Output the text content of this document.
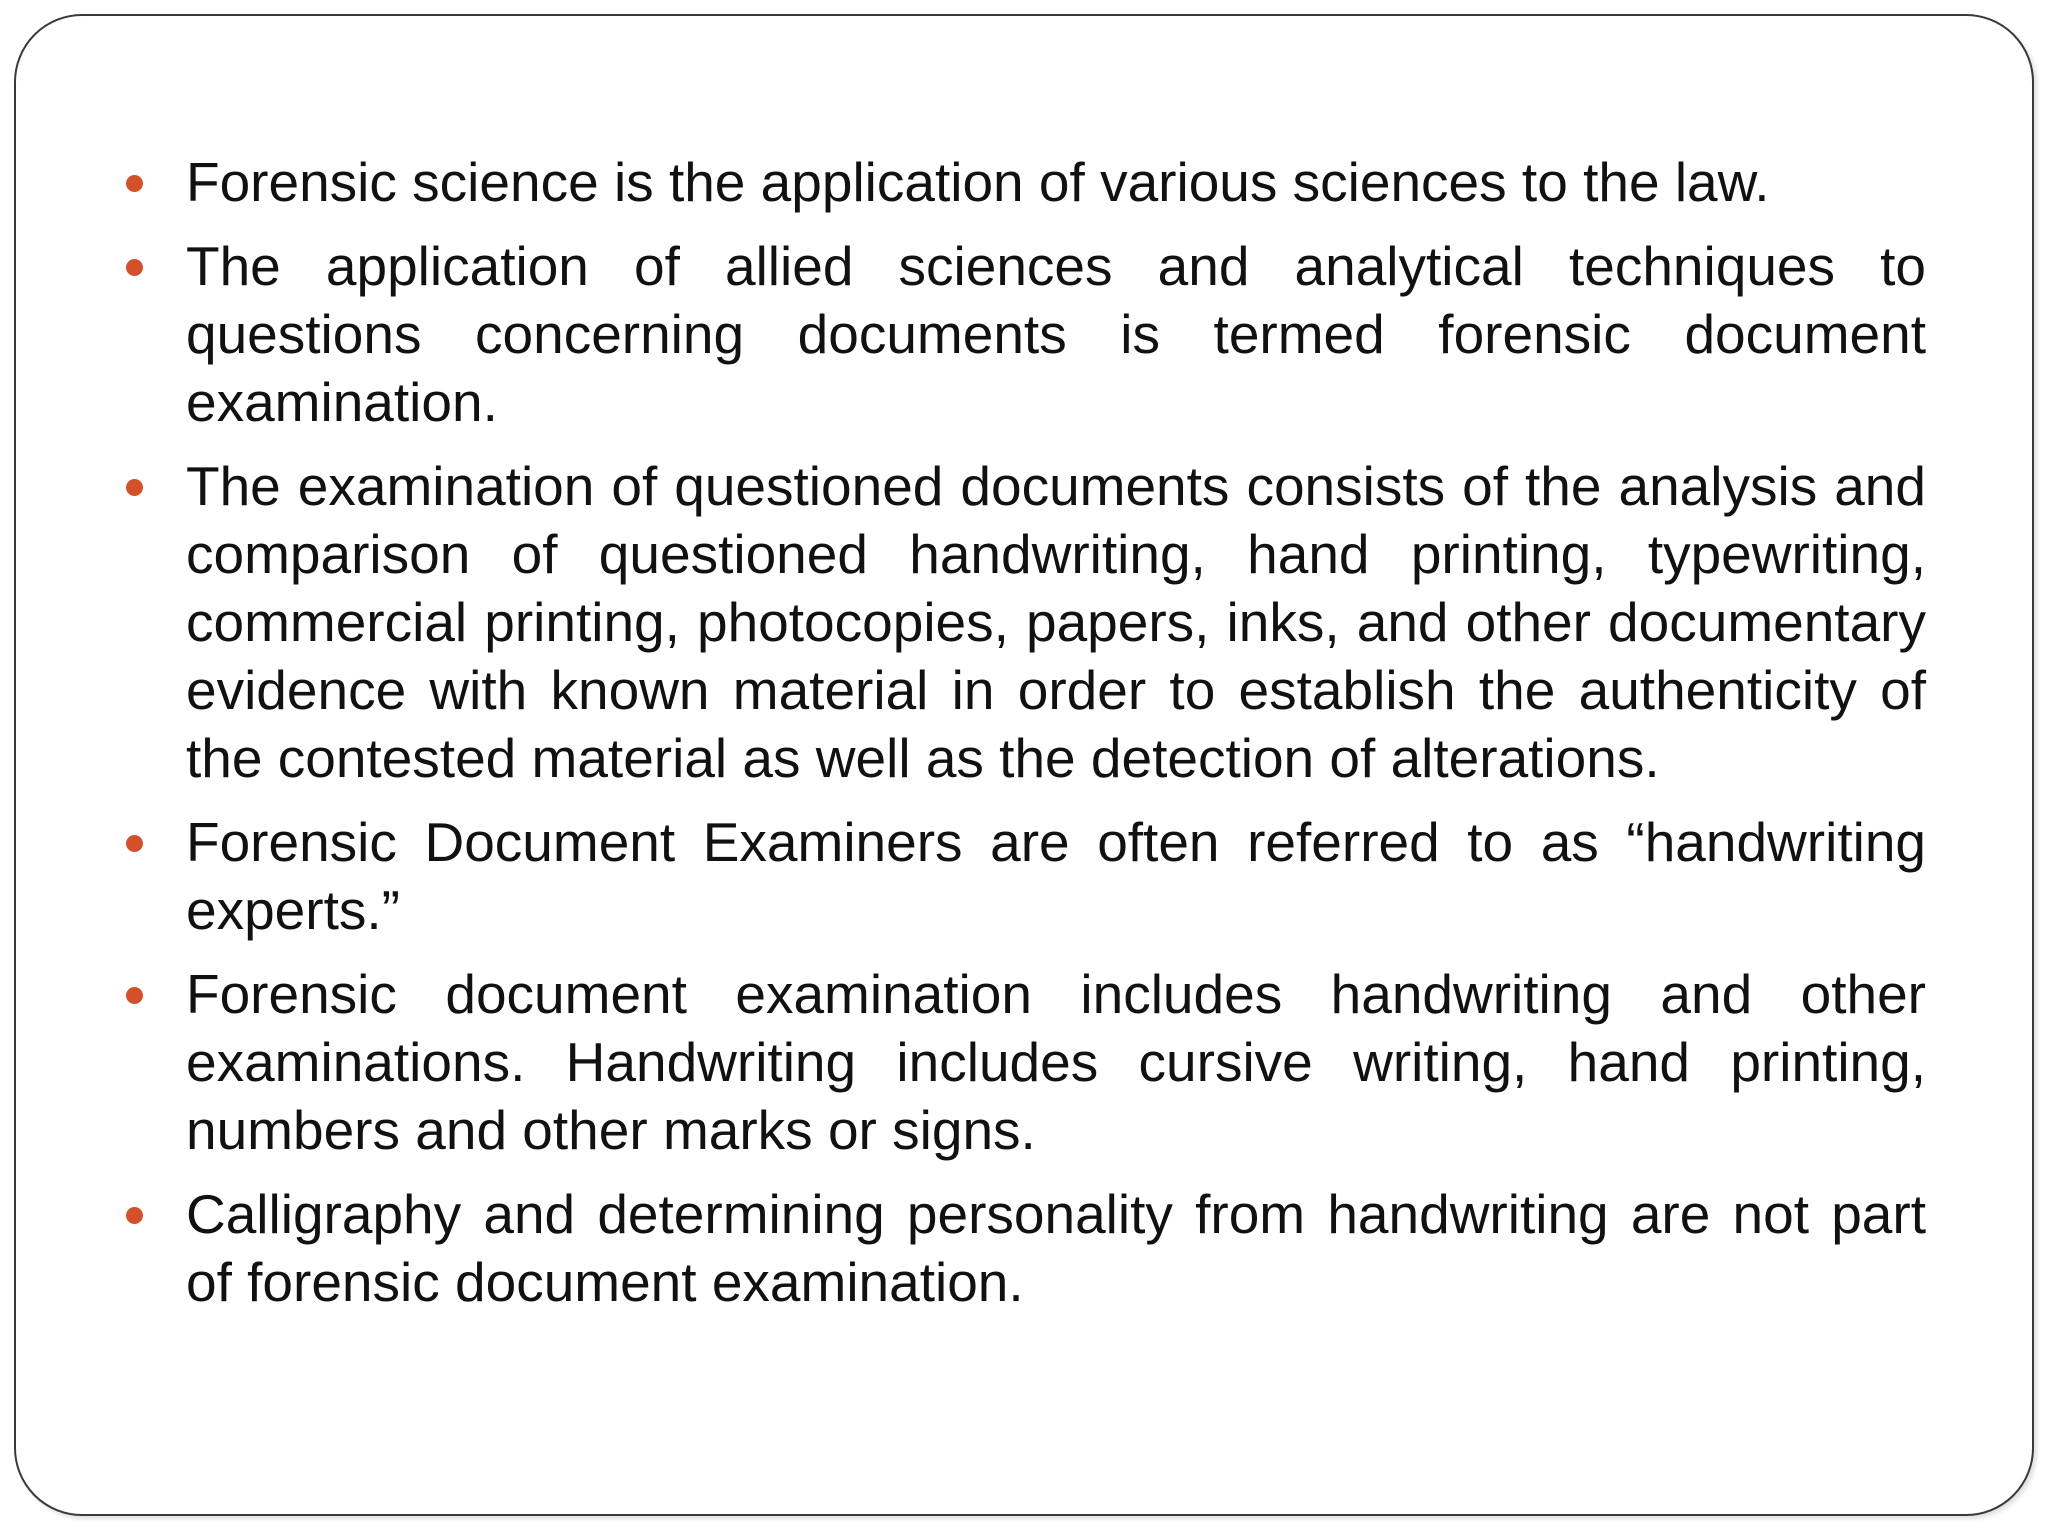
Forensic science is the application of various sciences to the law.
The application of allied sciences and analytical techniques to questions concerning documents is termed forensic document examination.
The examination of questioned documents consists of the analysis and comparison of questioned handwriting, hand printing, typewriting, commercial printing, photocopies, papers, inks, and other documentary evidence with known material in order to establish the authenticity of the contested material as well as the detection of alterations.
Forensic Document Examiners are often referred to as “handwriting experts.”
Forensic document examination includes handwriting and other examinations. Handwriting includes cursive writing, hand printing, numbers and other marks or signs.
Calligraphy and determining personality from handwriting are not part of forensic document examination.
